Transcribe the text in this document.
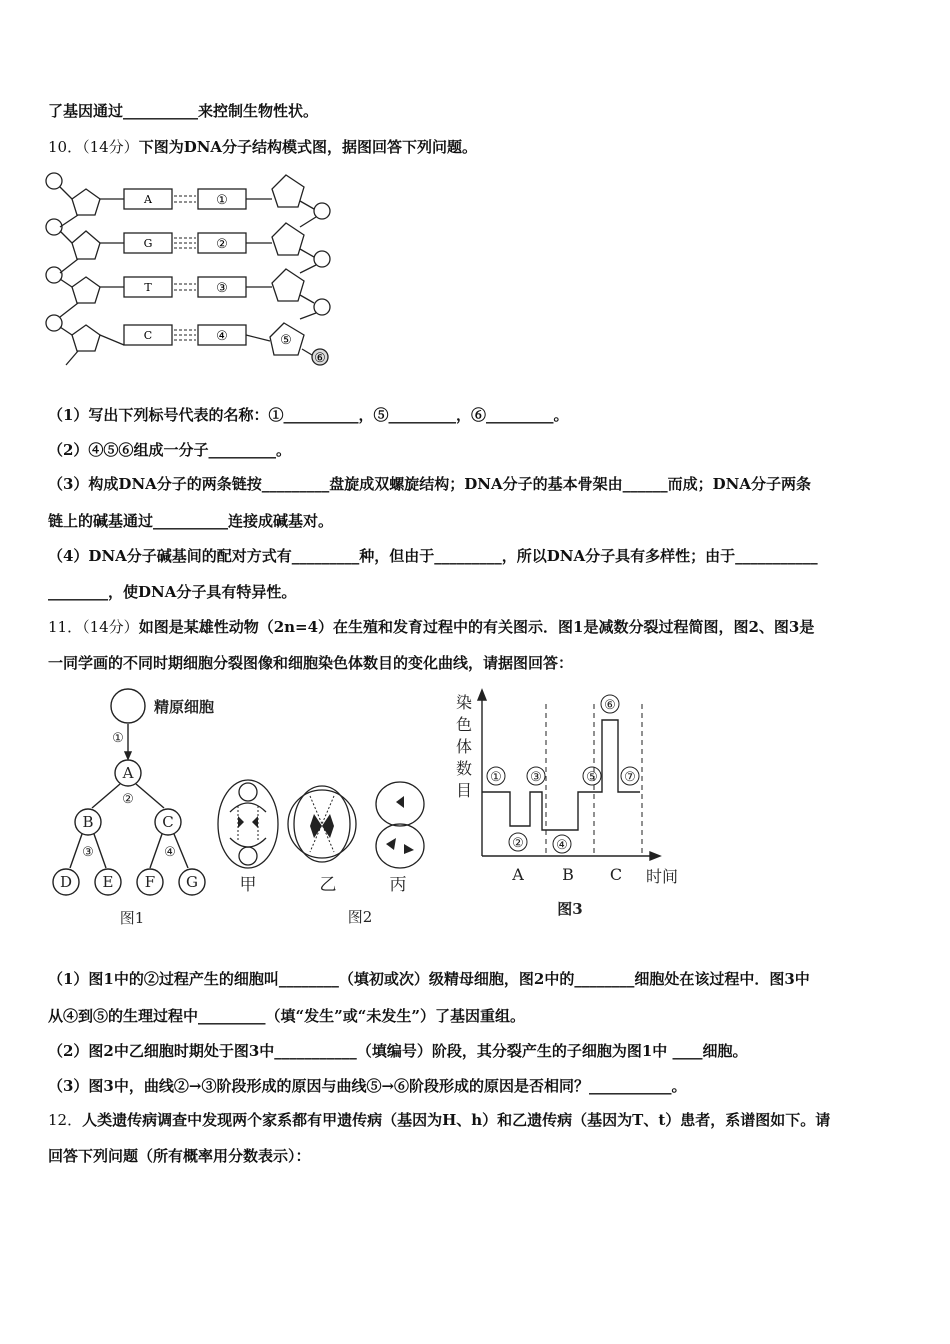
了基因通过__________来控制生物性状。
10．（14分）下图为DNA分子结构模式图，据图回答下列问题。
A
G
T
C
①
②
③
④	⑤
⑥
（1）写出下列标号代表的名称：①__________，⑤_________，⑥_________。
（2）④⑤⑥组成一分子_________。
（3）构成DNA分子的两条链按_________盘旋成双螺旋结构；DNA分子的基本骨架由______而成；DNA分子两条
链上的碱基通过__________连接成碱基对。
（4）DNA分子碱基间的配对方式有_________种，但由于_________，所以DNA分子具有多样性；由于___________
________，使DNA分子具有特异性。
11．（14分）如图是某雄性动物（2n=4）在生殖和发育过程中的有关图示．图1是减数分裂过程简图，图2、图3是
一同学画的不同时期细胞分裂图像和细胞染色体数目的变化曲线，请据图回答：
精原细胞
①
A
②
B	C
③	④
D E F G
图1
甲	乙	丙
图2
染
色
体
数
目
①
②
③
④
⑤
⑥
⑦
A B C 时间
图3
（1）图1中的②过程产生的细胞叫________（填初或次）级精母细胞，图2中的________细胞处在该过程中．图3中
从④到⑤的生理过程中_________（填“发生”或“未发生”）了基因重组。
（2）图2中乙细胞时期处于图3中___________（填编号）阶段，其分裂产生的子细胞为图1中 ____细胞。
（3）图3中，曲线②→③阶段形成的原因与曲线⑤→⑥阶段形成的原因是否相同？___________。
12．人类遗传病调查中发现两个家系都有甲遗传病（基因为H、h）和乙遗传病（基因为T、t）患者，系谱图如下。请
回答下列问题（所有概率用分数表示）：
